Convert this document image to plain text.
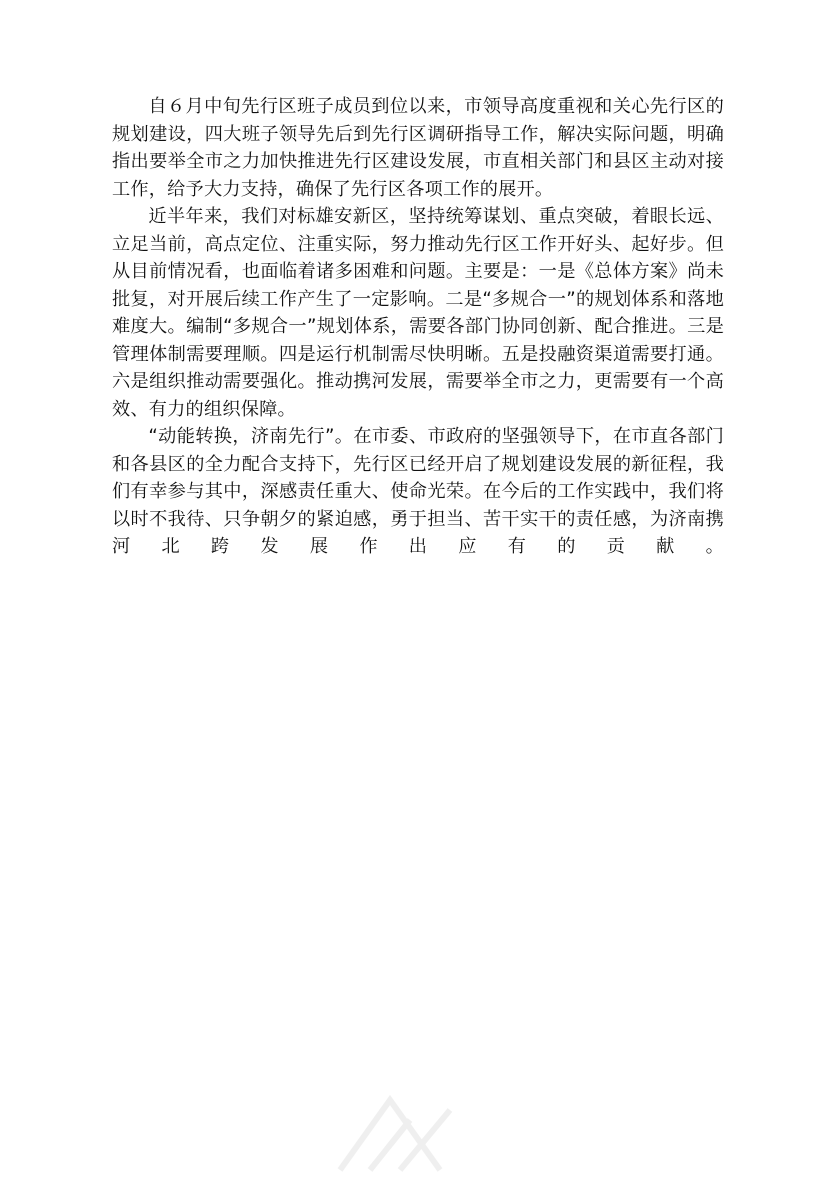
自６月中旬先行区班子成员到位以来，市领导高度重视和关心先行区的规划建设，四大班子领导先后到先行区调研指导工作，解决实际问题，明确指出要举全市之力加快推进先行区建设发展，市直相关部门和县区主动对接工作，给予大力支持，确保了先行区各项工作的展开。

近半年来，我们对标雄安新区，坚持统筹谋划、重点突破，着眼长远、立足当前，高点定位、注重实际，努力推动先行区工作开好头、起好步。但从目前情况看，也面临着诸多困难和问题。主要是：一是《总体方案》尚未批复，对开展后续工作产生了一定影响。二是“多规合一”的规划体系和落地难度大。编制“多规合一”规划体系，需要各部门协同创新、配合推进。三是管理体制需要理顺。四是运行机制需尽快明晰。五是投融资渠道需要打通。六是组织推动需要强化。推动携河发展，需要举全市之力，更需要有一个高效、有力的组织保障。

“动能转换，济南先行”。在市委、市政府的坚强领导下，在市直各部门和各县区的全力配合支持下，先行区已经开启了规划建设发展的新征程，我们有幸参与其中，深感责任重大、使命光荣。在今后的工作实践中，我们将以时不我待、只争朝夕的紧迫感，勇于担当、苦干实干的责任感，为济南携河北跨发展作出应有的贡献。
